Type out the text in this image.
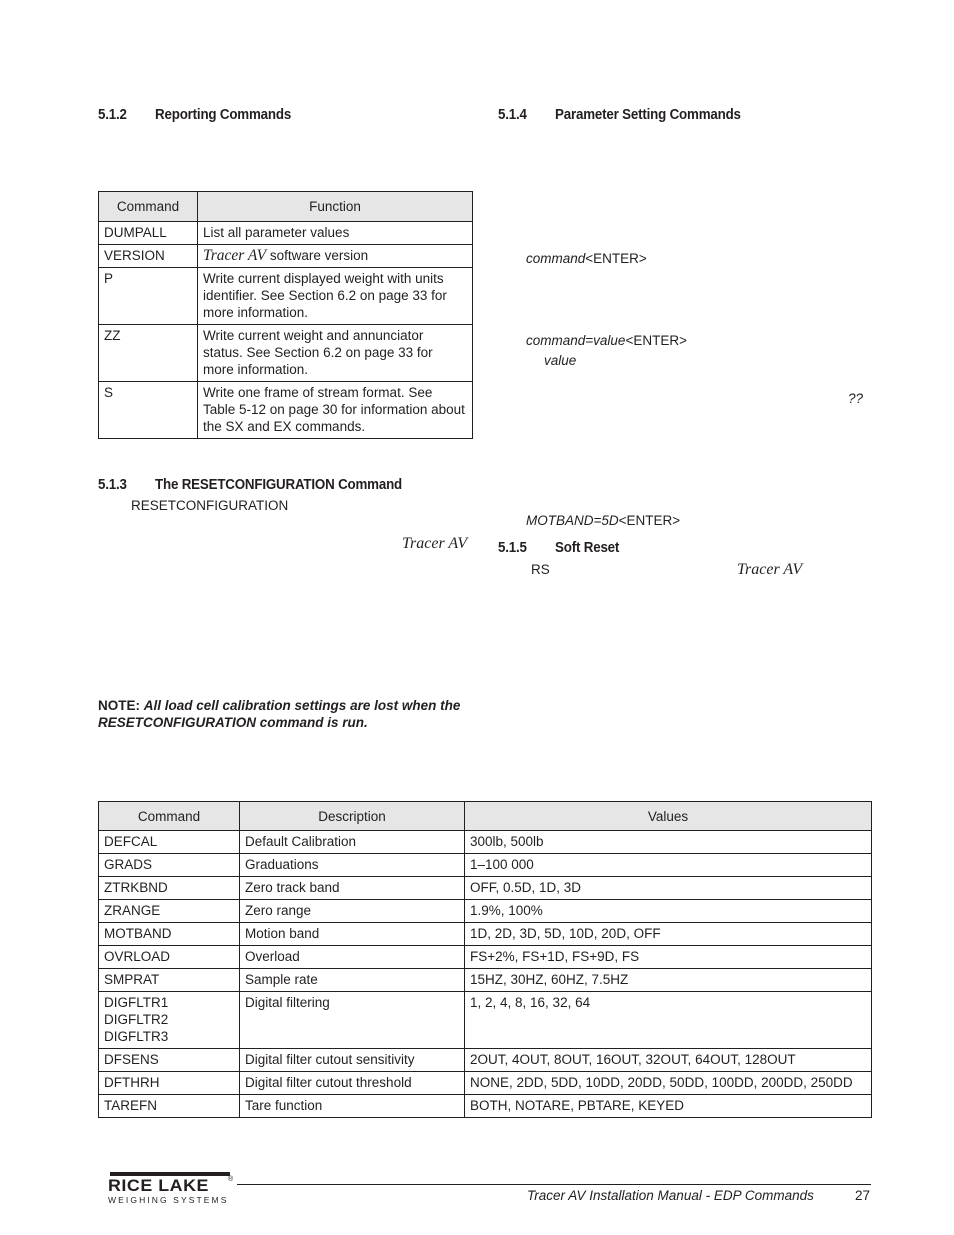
5.1.2 Reporting Commands
Command	Function
DUMPALL	List all parameter values
VERSION	Tracer AV software version
P	Write current displayed weight with units identifier. See Section 6.2 on page 33 for more information.
ZZ	Write current weight and annunciator status. See Section 6.2 on page 33 for more information.
S	Write one frame of stream format. See Table 5-12 on page 30 for information about the SX and EX commands.
5.1.3 The RESETCONFIGURATION Command
RESETCONFIGURATION
Tracer AV
NOTE: All load cell calibration settings are lost when the
RESETCONFIGURATION command is run.
5.1.4 Parameter Setting Commands
command<ENTER>
command=value<ENTER>
value
??
MOTBAND=5D<ENTER>
5.1.5 Soft Reset
RS	Tracer AV
Command	Description	Values
DEFCAL	Default Calibration	300lb, 500lb
GRADS	Graduations	1–100 000
ZTRKBND	Zero track band	OFF, 0.5D, 1D, 3D
ZRANGE	Zero range	1.9%, 100%
MOTBAND	Motion band	1D, 2D, 3D, 5D, 10D, 20D, OFF
OVRLOAD	Overload	FS+2%, FS+1D, FS+9D, FS
SMPRAT	Sample rate	15HZ, 30HZ, 60HZ, 7.5HZ
DIGFLTR1
DIGFLTR2
DIGFLTR3	Digital filtering	1, 2, 4, 8, 16, 32, 64
DFSENS	Digital filter cutout sensitivity	2OUT, 4OUT, 8OUT, 16OUT, 32OUT, 64OUT, 128OUT
DFTHRH	Digital filter cutout threshold	NONE, 2DD, 5DD, 10DD, 20DD, 50DD, 100DD, 200DD, 250DD
TAREFN	Tare function	BOTH, NOTARE, PBTARE, KEYED
RICE LAKE	®
WEIGHING SYSTEMS	Tracer AV Installation Manual - EDP Commands	27
